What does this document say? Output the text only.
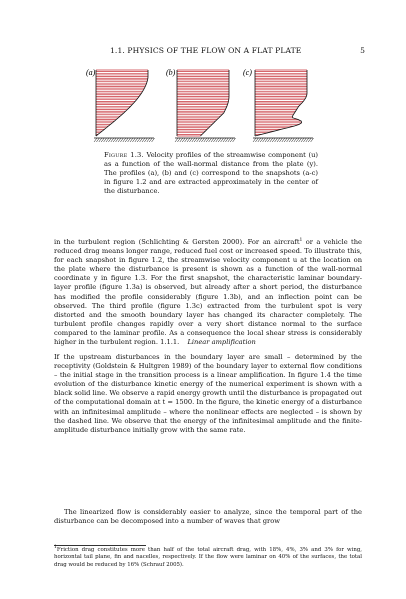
1.1. PHYSICS OF THE FLOW ON A FLAT PLATE	5
(a)	(b)	(c)
Figure 1.3. Velocity profiles of the streamwise component (u) as a function of the wall-normal distance from the plate (y). The profiles (a), (b) and (c) correspond to the snapshots (a-c) in figure 1.2 and are extracted approximately in the center of the disturbance.

in the turbulent region (Schlichting & Gersten 2000). For an aircraft$^1$ or a vehicle the reduced drag means longer range, reduced fuel cost or increased speed. To illustrate this, for each snapshot in figure 1.2, the streamwise velocity component u at the location on the plate where the disturbance is present is shown as a function of the wall-normal coordinate y in figure 1.3. For the first snapshot, the characteristic laminar boundary-layer profile (figure 1.3a) is observed, but already after a short period, the disturbance has modified the profile considerably (figure 1.3b), and an inflection point can be observed. The third profile (figure 1.3c) extracted from the turbulent spot is very distorted and the smooth boundary layer has changed its character completely. The turbulent profile changes rapidly over a very short distance normal to the surface compared to the laminar profile. As a consequence the local shear stress is considerably higher in the turbulent region. 1.1.1. Linear amplification

If the upstream disturbances in the boundary layer are small – determined by the receptivity (Goldstein & Hultgren 1989) of the boundary layer to external flow conditions – the initial stage in the transition process is a linear amplification. In figure 1.4 the time evolution of the disturbance kinetic energy of the numerical experiment is shown with a black solid line. We observe a rapid energy growth until the disturbance is propagated out of the computational domain at t = 1500. In the figure, the kinetic energy of a disturbance with an infinitesimal amplitude – where the nonlinear effects are neglected – is shown by the dashed line. We observe that the energy of the infinitesimal amplitude and the finite-amplitude disturbance initially grow with the same rate.

The linearized flow is considerably easier to analyze, since the temporal part of the disturbance can be decomposed into a number of waves that grow

$^1$Friction drag constitutes more than half of the total aircraft drag, with 18%, 4%, 3% and 3% for wing, horizontal tail plane, fin and nacelles, respectively. If the flow were laminar on 40% of the surfaces, the total drag would be reduced by 16% (Schrauf 2005).
